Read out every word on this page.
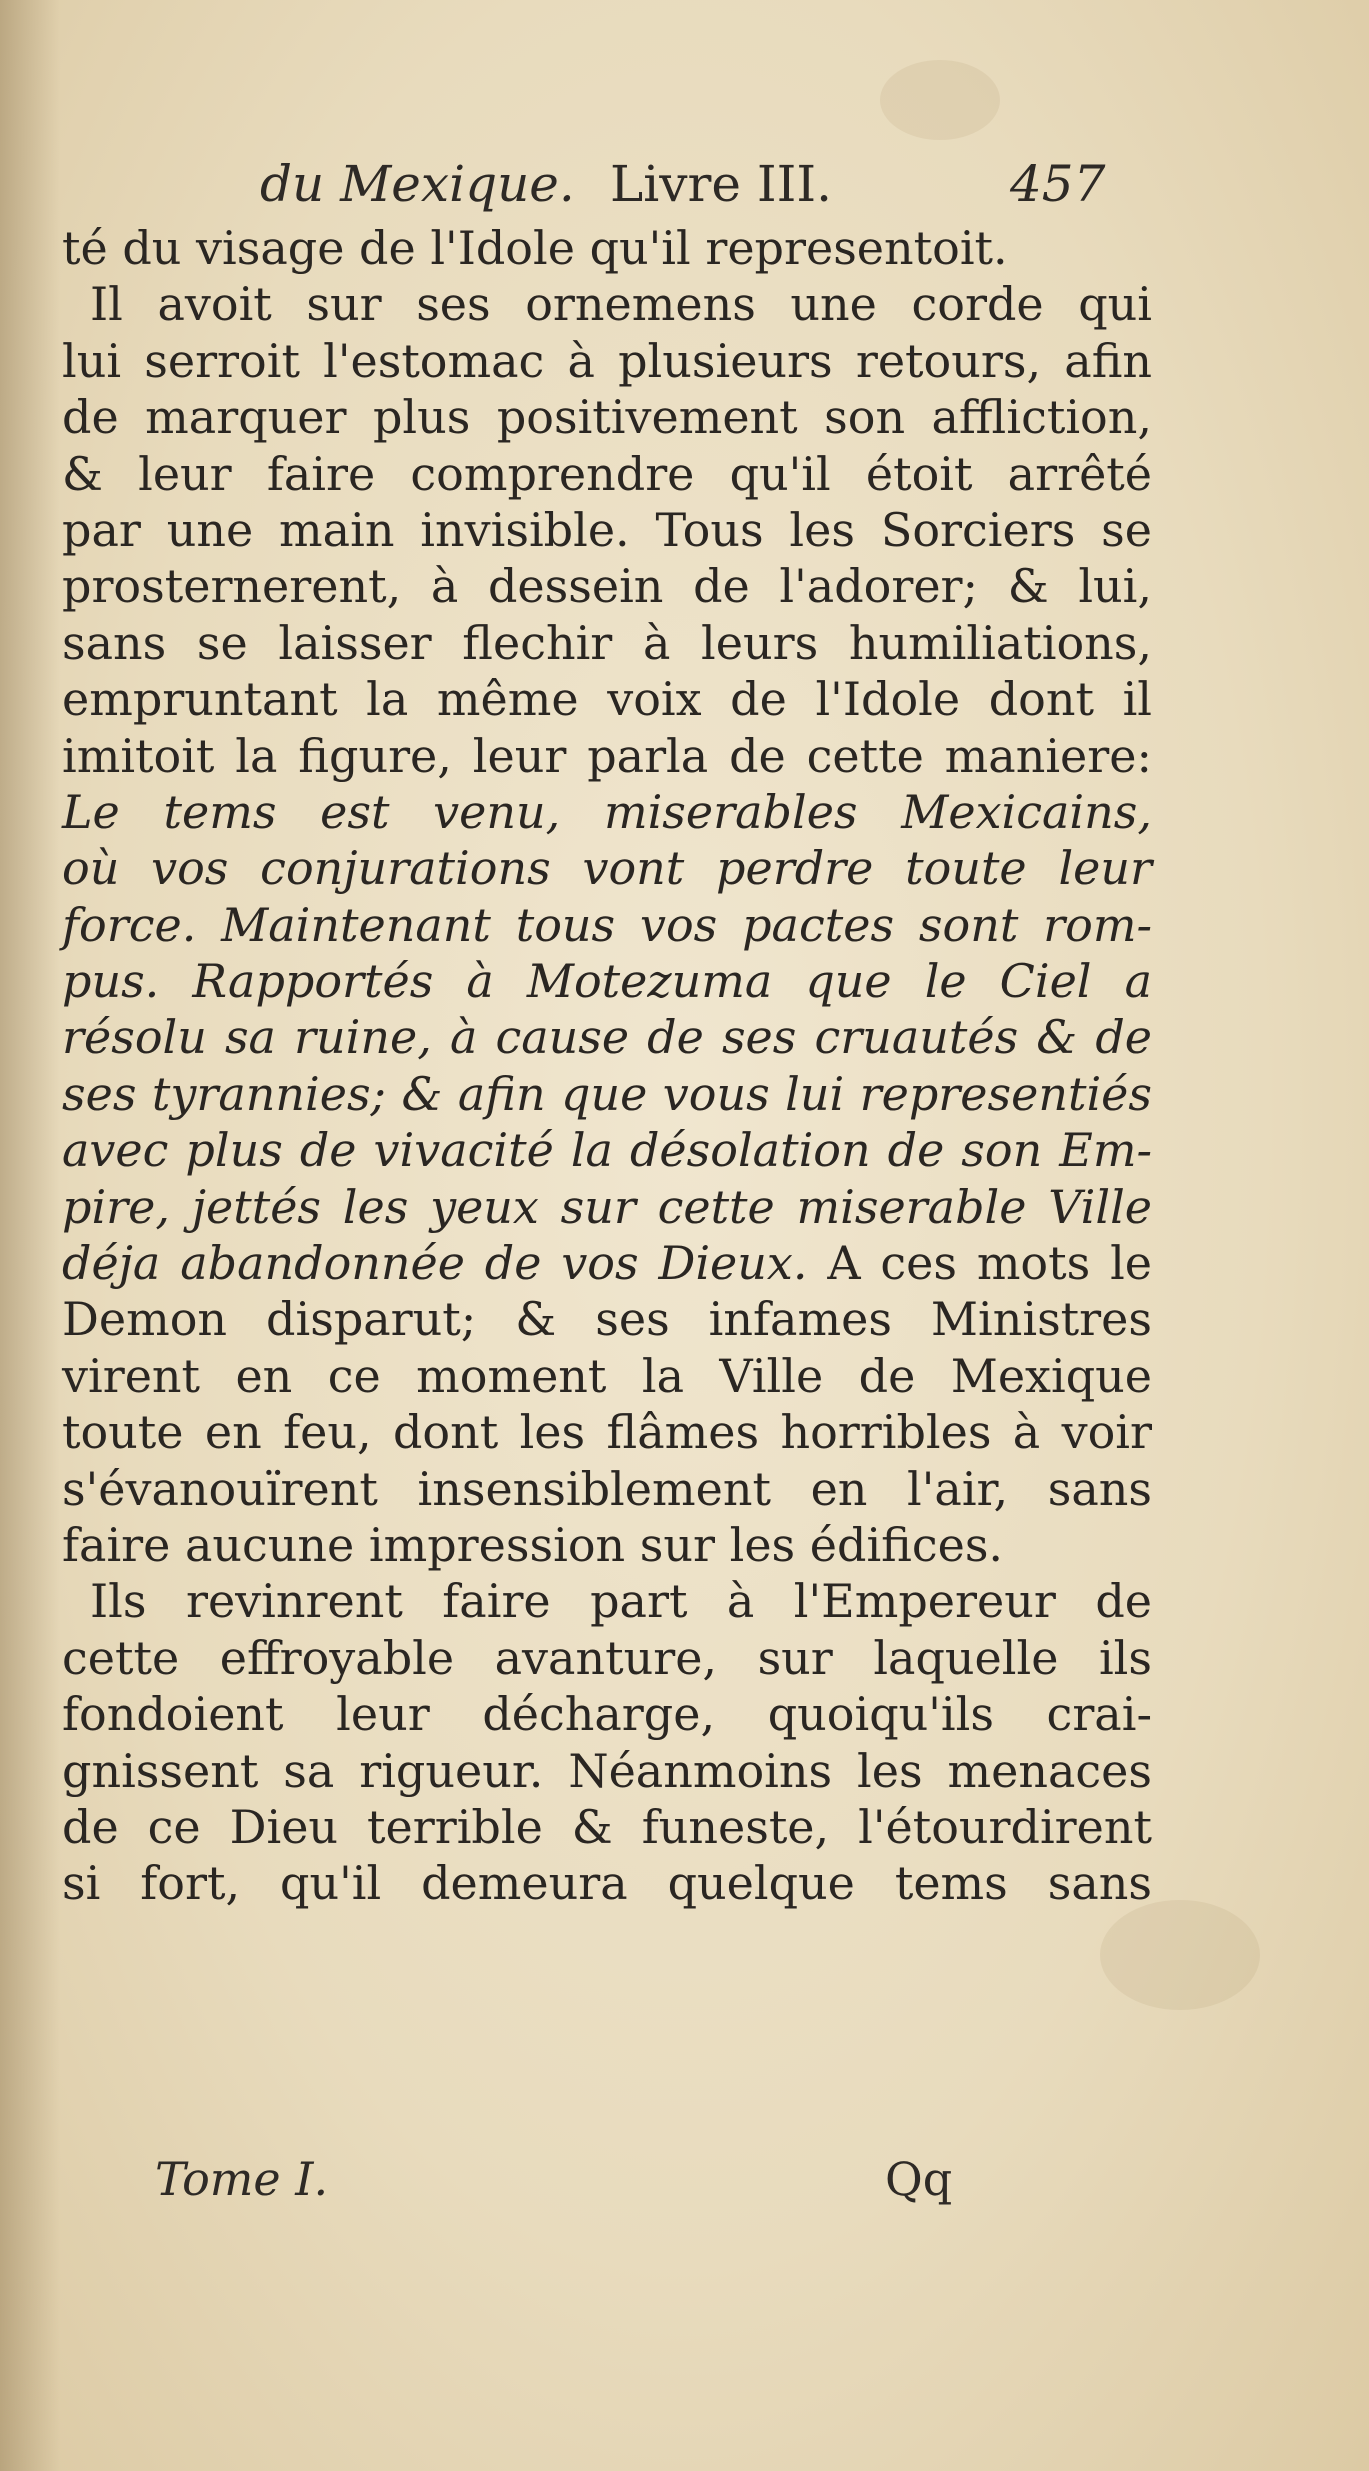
du Mexique. Livre III.	457
té du visage de l'Idole qu'il representoit.
Il avoit sur ses ornemens une corde qui
lui serroit l'estomac à plusieurs retours, afin
de marquer plus positivement son affliction,
& leur faire comprendre qu'il étoit arrêté
par une main invisible. Tous les Sorciers se
prosternerent, à dessein de l'adorer; & lui,
sans se laisser flechir à leurs humiliations,
empruntant la même voix de l'Idole dont il
imitoit la figure, leur parla de cette maniere:
Le tems est venu, miserables Mexicains,
où vos conjurations vont perdre toute leur
force. Maintenant tous vos pactes sont rom-
pus. Rapportés à Motezuma que le Ciel a
résolu sa ruine, à cause de ses cruautés & de
ses tyrannies; & afin que vous lui representiés
avec plus de vivacité la désolation de son Em-
pire, jettés les yeux sur cette miserable Ville
déja abandonnée de vos Dieux. A ces mots le
Demon disparut; & ses infames Ministres
virent en ce moment la Ville de Mexique
toute en feu, dont les flâmes horribles à voir
s'évanouïrent insensiblement en l'air, sans
faire aucune impression sur les édifices.
Ils revinrent faire part à l'Empereur de
cette effroyable avanture, sur laquelle ils
fondoient leur décharge, quoiqu'ils crai-
gnissent sa rigueur. Néanmoins les menaces
de ce Dieu terrible & funeste, l'étourdirent
si fort, qu'il demeura quelque tems sans
Tome I.	Qq
